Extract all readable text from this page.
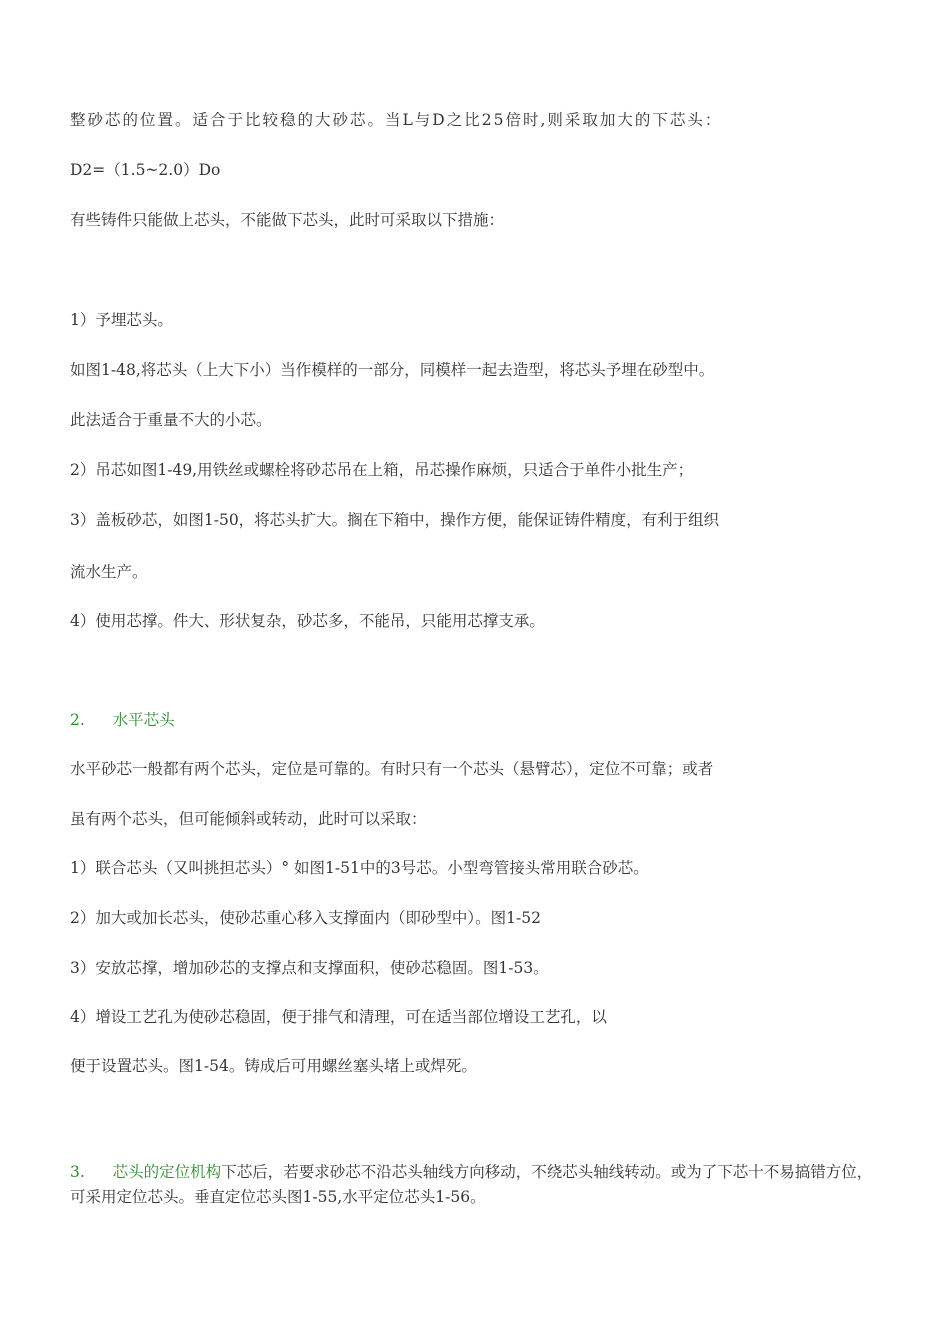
整砂芯的位置。适合于比较稳的大砂芯。当L与D之比25倍时,则采取加大的下芯头：
D2=（1.5~2.0）Do
有些铸件只能做上芯头，不能做下芯头，此时可采取以下措施：
1）予埋芯头。
如图1-48,将芯头（上大下小）当作模样的一部分，同模样一起去造型，将芯头予埋在砂型中。
此法适合于重量不大的小芯。
2）吊芯如图1-49,用铁丝或螺栓将砂芯吊在上箱，吊芯操作麻烦，只适合于单件小批生产；
3）盖板砂芯，如图1-50，将芯头扩大。搁在下箱中，操作方便，能保证铸件精度，有利于组织
流水生产。
4）使用芯撑。件大、形状复杂，砂芯多，不能吊，只能用芯撑支承。
2. 水平芯头
水平砂芯一般都有两个芯头，定位是可靠的。有时只有一个芯头（悬臂芯），定位不可靠；或者
虽有两个芯头，但可能倾斜或转动，此时可以采取：
1）联合芯头（又叫挑担芯头）° 如图1-51中的3号芯。小型弯管接头常用联合砂芯。
2）加大或加长芯头，使砂芯重心移入支撑面内（即砂型中）。图1-52
3）安放芯撑，增加砂芯的支撑点和支撑面积，使砂芯稳固。图1-53。
4）增设工艺孔为使砂芯稳固，便于排气和清理，可在适当部位增设工艺孔，以
便于设置芯头。图1-54。铸成后可用螺丝塞头堵上或焊死。
3. 芯头的定位机构下芯后，若要求砂芯不沿芯头轴线方向移动，不绕芯头轴线转动。或为了下芯十不易搞错方位，可采用定位芯头。垂直定位芯头图1-55,水平定位芯头1-56。
